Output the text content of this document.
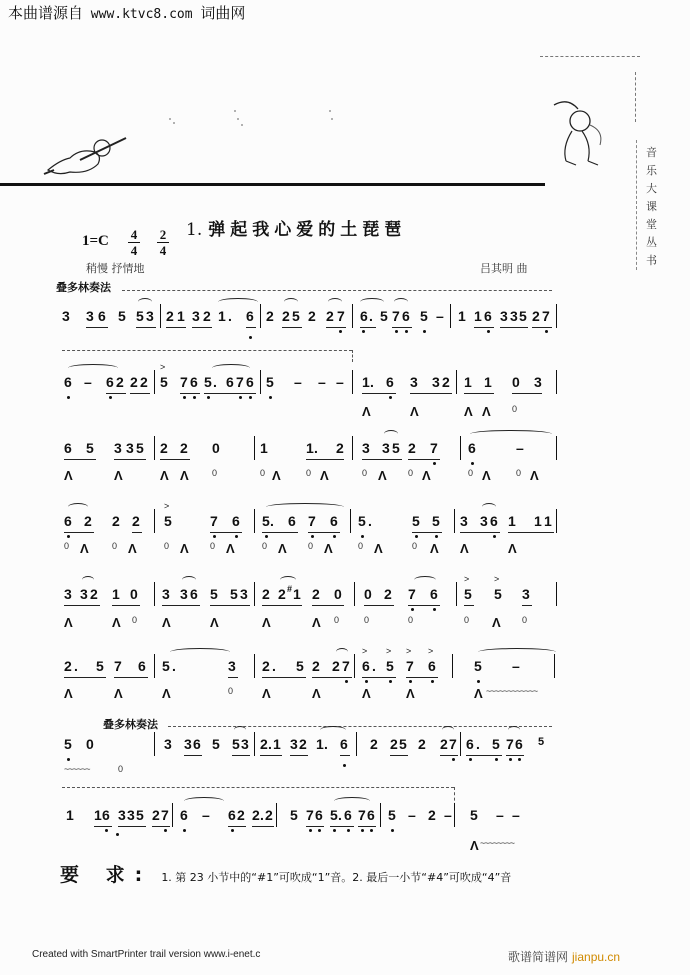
本曲谱源自 www.ktvc8.com 词曲网
音
乐
大
课
堂
丛
书
1. 弹起我心爱的土琵琶
1=C 4
4
2
4
稍慢 抒情地	吕其明 曲
叠多林奏法
3 3 6 5 5 3 2 1 3 2 1 . 6 2 2 5 2 2 7 6 . 5 7 6 5 – 1 1 6 3 3 5 2 7
6 – 6 2 2 2 5
>
7 6 5 . 6 7 6 5 – – – 1 . 6 3 3 2 1 1 0 3
Λ	Λ	Λ Λ 0
6 5 3 3 5 2 2 0	1	1 . 2 3 3 5 2 7 6	–
Λ	Λ	Λ Λ	0	0 Λ	0 Λ	0 Λ 0 Λ	0 Λ	0 Λ
6 2 2 2 5
>
7 6 5 . 6 7 6 5 .	5 5 3 3 6 1 1 1
0 Λ	0 Λ	0 Λ 0 Λ	0 Λ 0 Λ	0 Λ	0 Λ Λ	Λ
3 3 2 1 0 3 3 6 5 5 3 2 2 # 1 2 0 0 2 7 6 5
>
5
>
3
Λ	Λ 0 Λ	Λ	Λ	Λ 0	0	0	0 Λ 0
2 . 5 7 6 5 .	3 2 . 5 2 2 7 6 . 5
> >
7 6
> >
5 –
Λ	Λ	Λ	0 Λ	Λ	Λ	Λ	Λ ~~~~~~~~~~~~
叠多林奏法
5 0	3 3 6 5 5 3 2 . 1 3 2 1 . 6 2 2 5 2 2 7 6 . 5 7 6 5
~~~~~~	0
1 1 6 3 3 5 2 7 6 – 6 2 2 . 2 5 7 6 5 . 6 7 6 5 – 2 – 5 – –
Λ ~~~~~~~~
要 求: 1. 第 23 小节中的“#1”可吹成“1”音。2. 最后一小节“#4”可吹成“4”音
Created with SmartPrinter trail version www.i-enet.c	歌谱简谱网 jianpu.cn
